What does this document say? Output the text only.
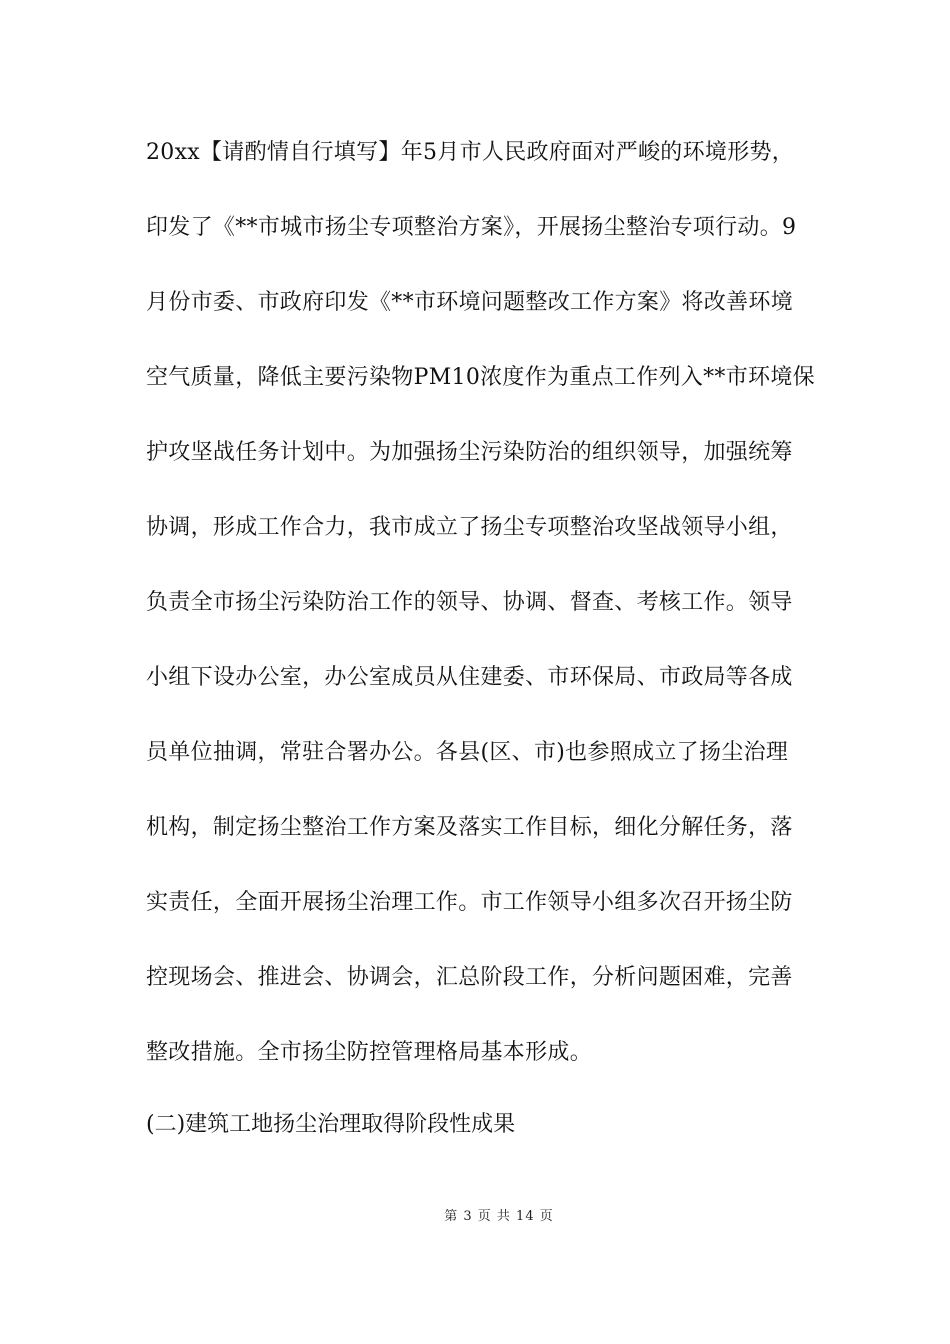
20xx【请酌情自行填写】年5月市人民政府面对严峻的环境形势，
印发了《**市城市扬尘专项整治方案》，开展扬尘整治专项行动。9
月份市委、市政府印发《**市环境问题整改工作方案》将改善环境
空气质量，降低主要污染物PM10浓度作为重点工作列入**市环境保
护攻坚战任务计划中。为加强扬尘污染防治的组织领导，加强统筹
协调，形成工作合力，我市成立了扬尘专项整治攻坚战领导小组，
负责全市扬尘污染防治工作的领导、协调、督查、考核工作。领导
小组下设办公室，办公室成员从住建委、市环保局、市政局等各成
员单位抽调，常驻合署办公。各县(区、市)也参照成立了扬尘治理
机构，制定扬尘整治工作方案及落实工作目标，细化分解任务，落
实责任，全面开展扬尘治理工作。市工作领导小组多次召开扬尘防
控现场会、推进会、协调会，汇总阶段工作，分析问题困难，完善
整改措施。全市扬尘防控管理格局基本形成。
(二)建筑工地扬尘治理取得阶段性成果
第 3 页 共 14 页
